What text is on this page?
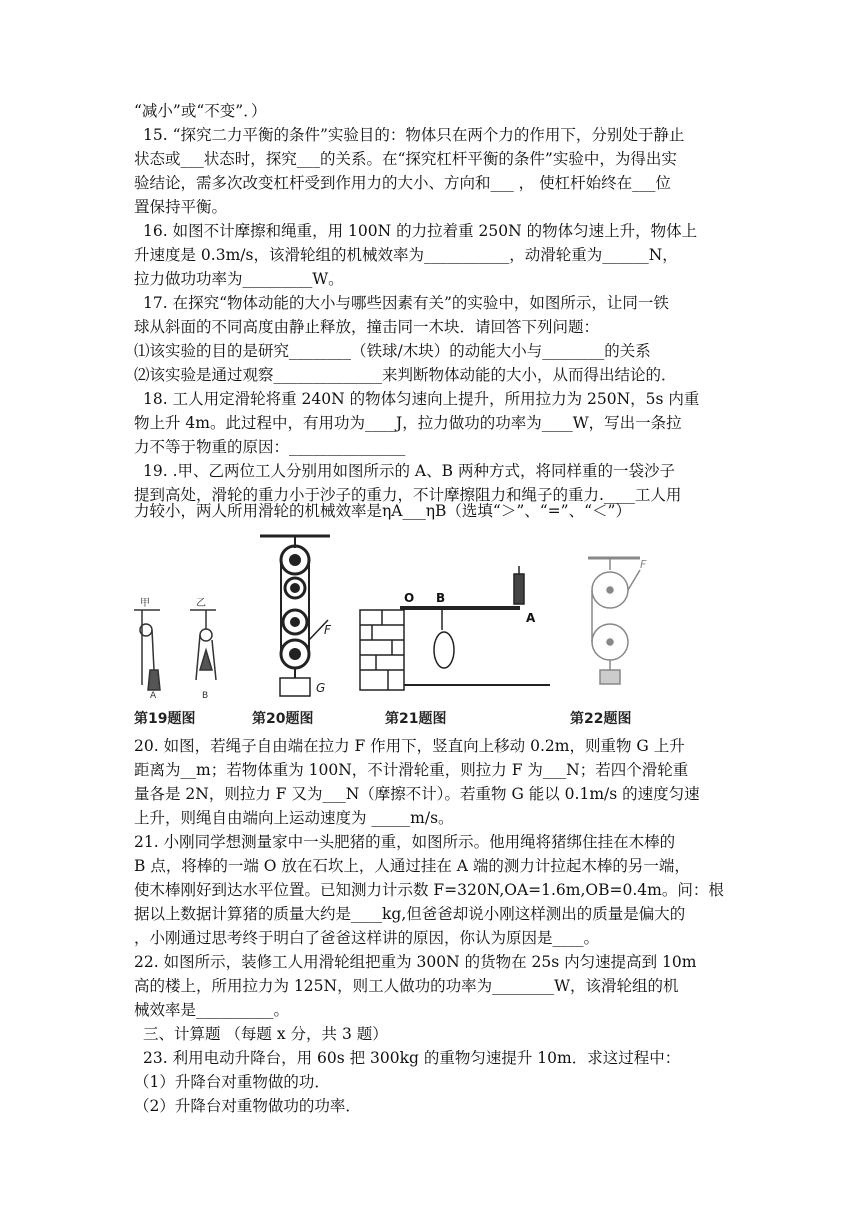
“减小”或“不变”．）
15. “探究二力平衡的条件”实验目的：物体只在两个力的作用下，分别处于静止
状态或___状态时，探究___的关系。在“探究杠杆平衡的条件”实验中，为得出实
验结论，需多次改变杠杆受到作用力的大小、方向和___ ， 使杠杆始终在___位
置保持平衡。
16. 如图不计摩擦和绳重，用 100N 的力拉着重 250N 的物体匀速上升，物体上
升速度是 0.3m/s，该滑轮组的机械效率为___________，动滑轮重为______N，
拉力做功功率为_________W。
17. 在探究“物体动能的大小与哪些因素有关”的实验中，如图所示，让同一铁
球从斜面的不同高度由静止释放，撞击同一木块．请回答下列问题：
⑴该实验的目的是研究________（铁球/木块）的动能大小与________的关系
⑵该实验是通过观察______________来判断物体动能的大小，从而得出结论的．
18. 工人用定滑轮将重 240N 的物体匀速向上提升，所用拉力为 250N，5s 内重
物上升 4m。此过程中，有用功为____J，拉力做功的功率为____W，写出一条拉
力不等于物重的原因：_______________
19. .甲、乙两位工人分别用如图所示的 A、B 两种方式，将同样重的一袋沙子
提到高处，滑轮的重力小于沙子的重力，不计摩擦阻力和绳子的重力.____工人用
力较小，两人所用滑轮的机械效率是ηA___ηB（选填“＞”、“=”、“＜”）
甲	乙
A	B
G
F
O B
A
F
第19题图	第20题图	第21题图	第22题图
20. 如图，若绳子自由端在拉力 F 作用下，竖直向上移动 0.2m，则重物 G 上升
距离为__m；若物体重为 100N，不计滑轮重，则拉力 F 为___N；若四个滑轮重
量各是 2N，则拉力 F 又为___N（摩擦不计）。若重物 G 能以 0.1m/s 的速度匀速
上升，则绳自由端向上运动速度为 _____m/s。
21. 小刚同学想测量家中一头肥猪的重，如图所示。他用绳将猪绑住挂在木棒的
B 点，将棒的一端 O 放在石坎上，人通过挂在 A 端的测力计拉起木棒的另一端，
使木棒刚好到达水平位置。已知测力计示数 F=320N,OA=1.6m,OB=0.4m。问：根
据以上数据计算猪的质量大约是____kg,但爸爸却说小刚这样测出的质量是偏大的
，小刚通过思考终于明白了爸爸这样讲的原因，你认为原因是____。
22. 如图所示，装修工人用滑轮组把重为 300N 的货物在 25s 内匀速提高到 10m
高的楼上，所用拉力为 125N，则工人做功的功率为________W，该滑轮组的机
械效率是__________。
三、计算题 （每题 x 分，共 3 题）
23. 利用电动升降台，用 60s 把 300kg 的重物匀速提升 10m．求这过程中：
（1）升降台对重物做的功．
（2）升降台对重物做功的功率．
